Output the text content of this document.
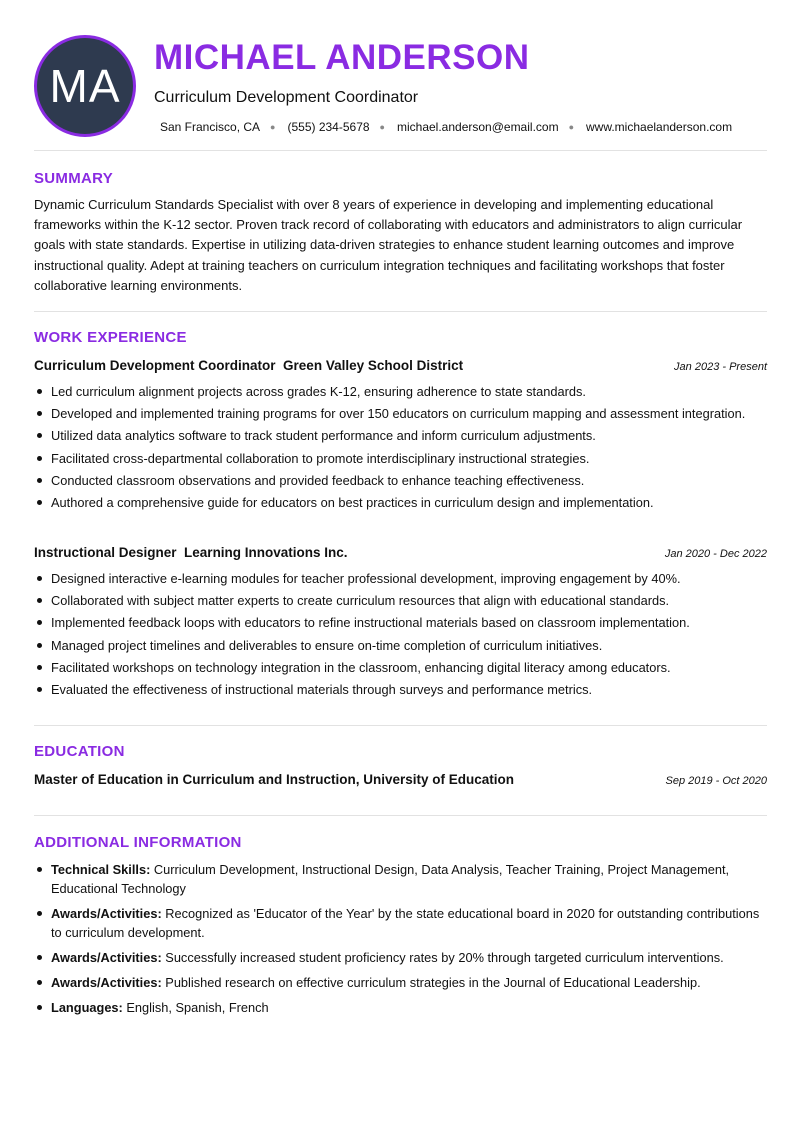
MA
MICHAEL ANDERSON
Curriculum Development Coordinator
San Francisco, CA ● (555) 234-5678 ● michael.anderson@email.com ● www.michaelanderson.com
SUMMARY

Dynamic Curriculum Standards Specialist with over 8 years of experience in developing and implementing educational frameworks within the K-12 sector. Proven track record of collaborating with educators and administrators to align curricular goals with state standards. Expertise in utilizing data-driven strategies to enhance student learning outcomes and improve instructional quality. Adept at training teachers on curriculum integration techniques and facilitating workshops that foster collaborative learning environments.

WORK EXPERIENCE
Curriculum Development Coordinator Green Valley School District	Jan 2023 - Present
Led curriculum alignment projects across grades K-12, ensuring adherence to state standards.
Developed and implemented training programs for over 150 educators on curriculum mapping and assessment integration.
Utilized data analytics software to track student performance and inform curriculum adjustments.
Facilitated cross-departmental collaboration to promote interdisciplinary instructional strategies.
Conducted classroom observations and provided feedback to enhance teaching effectiveness.
Authored a comprehensive guide for educators on best practices in curriculum design and implementation.
Instructional Designer Learning Innovations Inc.	Jan 2020 - Dec 2022
Designed interactive e-learning modules for teacher professional development, improving engagement by 40%.
Collaborated with subject matter experts to create curriculum resources that align with educational standards.
Implemented feedback loops with educators to refine instructional materials based on classroom implementation.
Managed project timelines and deliverables to ensure on-time completion of curriculum initiatives.
Facilitated workshops on technology integration in the classroom, enhancing digital literacy among educators.
Evaluated the effectiveness of instructional materials through surveys and performance metrics.
EDUCATION
Master of Education in Curriculum and Instruction, University of Education	Sep 2019 - Oct 2020
ADDITIONAL INFORMATION
Technical Skills: Curriculum Development, Instructional Design, Data Analysis, Teacher Training, Project Management, Educational Technology
Awards/Activities: Recognized as 'Educator of the Year' by the state educational board in 2020 for outstanding contributions to curriculum development.
Awards/Activities: Successfully increased student proficiency rates by 20% through targeted curriculum interventions.
Awards/Activities: Published research on effective curriculum strategies in the Journal of Educational Leadership.
Languages: English, Spanish, French
